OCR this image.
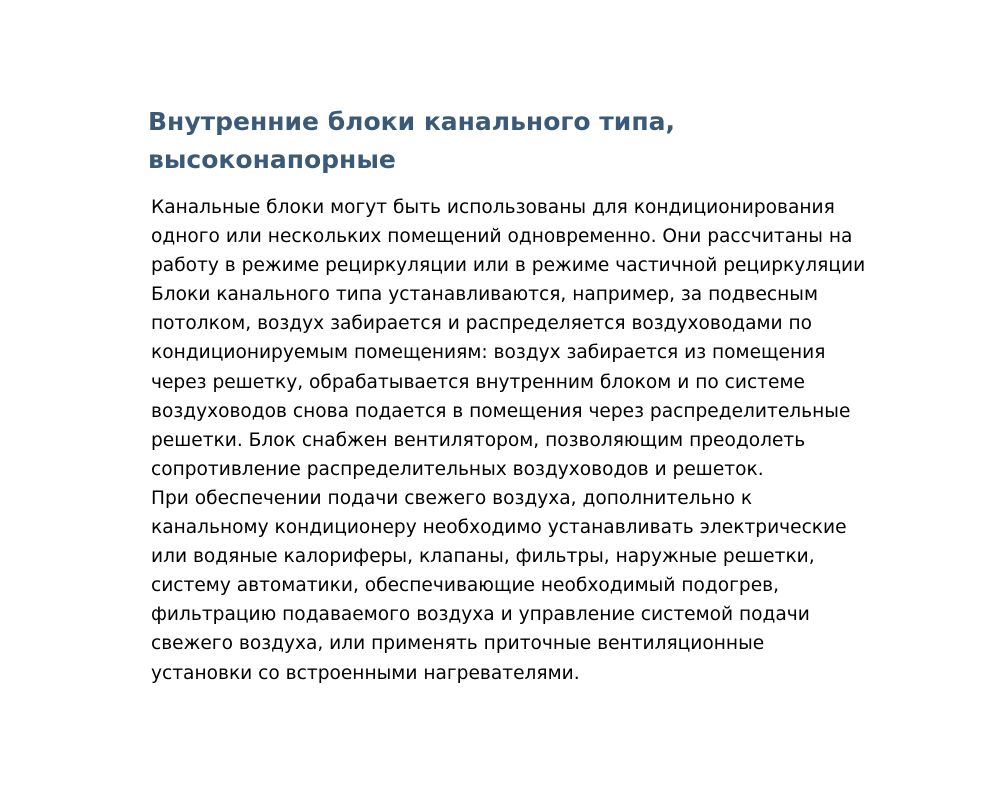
Внутренние блоки канального типа,
высоконапорные
Канальные блоки могут быть использованы для кондиционирования
одного или нескольких помещений одновременно. Они рассчитаны на
работу в режиме рециркуляции или в режиме частичной рециркуляции
Блоки канального типа устанавливаются, например, за подвесным
потолком, воздух забирается и распределяется воздуховодами по
кондиционируемым помещениям: воздух забирается из помещения
через решетку, обрабатывается внутренним блоком и по системе
воздуховодов снова подается в помещения через распределительные
решетки. Блок снабжен вентилятором, позволяющим преодолеть
сопротивление распределительных воздуховодов и решеток.
При обеспечении подачи свежего воздуха, дополнительно к
канальному кондиционеру необходимо устанавливать электрические
или водяные калориферы, клапаны, фильтры, наружные решетки,
систему автоматики, обеспечивающие необходимый подогрев,
фильтрацию подаваемого воздуха и управление системой подачи
свежего воздуха, или применять приточные вентиляционные
установки со встроенными нагревателями.
